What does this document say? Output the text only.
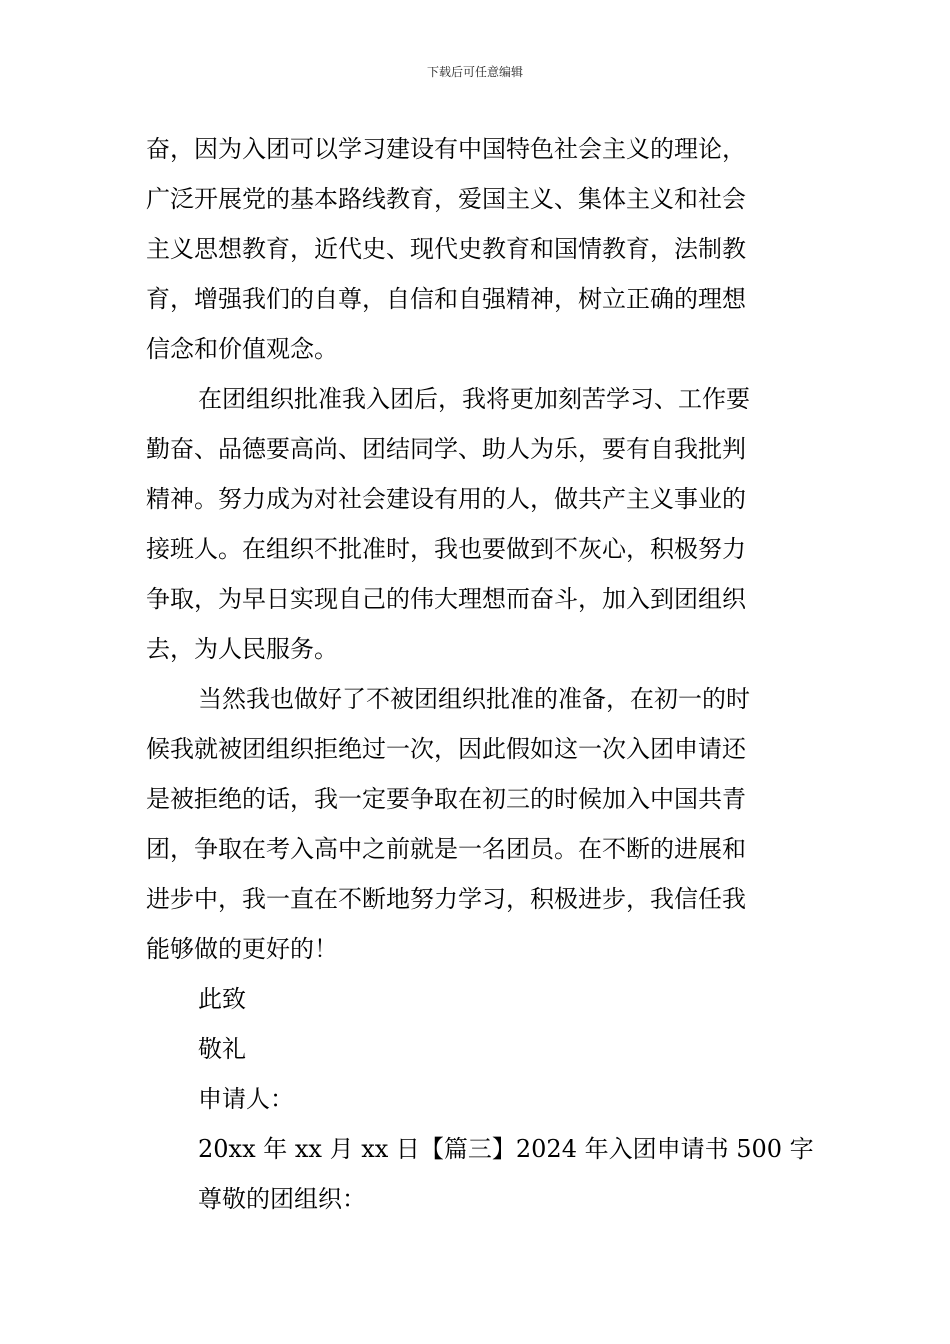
下载后可任意编辑
奋，因为入团可以学习建设有中国特色社会主义的理论，
广泛开展党的基本路线教育，爱国主义、集体主义和社会
主义思想教育，近代史、现代史教育和国情教育，法制教
育，增强我们的自尊，自信和自强精神，树立正确的理想
信念和价值观念。
在团组织批准我入团后，我将更加刻苦学习、工作要
勤奋、品德要高尚、团结同学、助人为乐，要有自我批判
精神。努力成为对社会建设有用的人，做共产主义事业的
接班人。在组织不批准时，我也要做到不灰心，积极努力
争取，为早日实现自己的伟大理想而奋斗，加入到团组织
去，为人民服务。
当然我也做好了不被团组织批准的准备，在初一的时
候我就被团组织拒绝过一次，因此假如这一次入团申请还
是被拒绝的话，我一定要争取在初三的时候加入中国共青
团，争取在考入高中之前就是一名团员。在不断的进展和
进步中，我一直在不断地努力学习，积极进步，我信任我
能够做的更好的！
此致
敬礼
申请人：
20xx 年 xx 月 xx 日【篇三】2024 年入团申请书 500 字
尊敬的团组织：
